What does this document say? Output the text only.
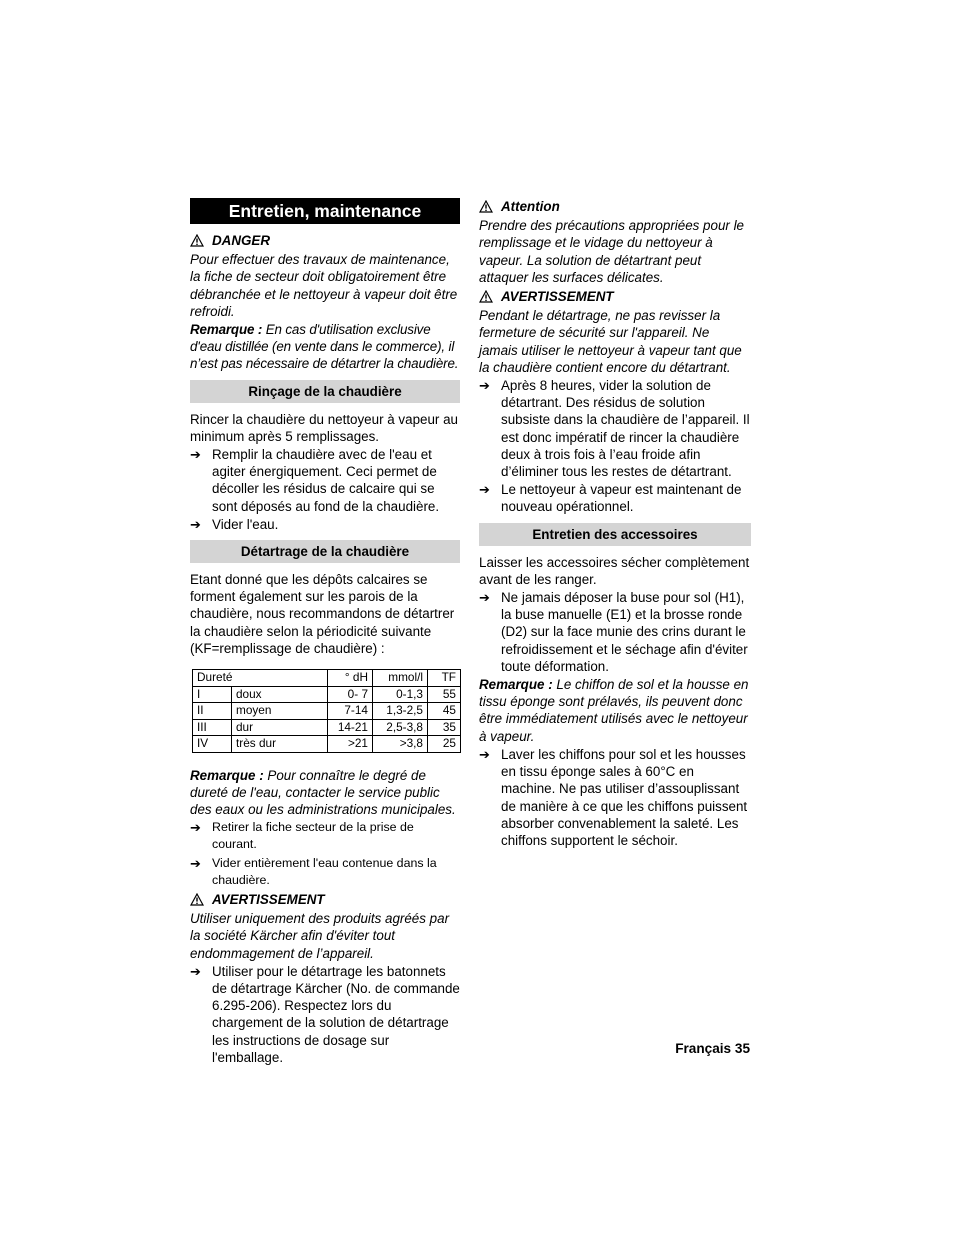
Entretien, maintenance
DANGER

Pour effectuer des travaux de maintenance, la fiche de secteur doit obligatoirement être débranchée et le nettoyeur à vapeur doit être refroidi.

Remarque : En cas d'utilisation exclusive d'eau distillée (en vente dans le commerce), il n’est pas nécessaire de détartrer la chaudière.

Rinçage de la chaudière

Rincer la chaudière du nettoyeur à vapeur au minimum après 5 remplissages.

➔ Remplir la chaudière avec de l'eau et agiter énergiquement. Ceci permet de décoller les résidus de calcaire qui se sont déposés au fond de la chaudière.
➔ Vider l'eau.
Détartrage de la chaudière

Etant donné que les dépôts calcaires se forment également sur les parois de la chaudière, nous recommandons de détartrer la chaudière selon la périodicité suivante (KF=remplissage de chaudière) :

Dureté		° dH	mmol/l	TF
I	doux	0- 7	0-1,3	55
II	moyen	7-14	1,3-2,5	45
III	dur	14-21	2,5-3,8	35
IV	très dur	>21	>3,8	25

Remarque : Pour connaître le degré de dureté de l'eau, contacter le service public des eaux ou les administrations municipales.

➔ Retirer la fiche secteur de la prise de courant.
➔ Vider entièrement l'eau contenue dans la chaudière.
AVERTISSEMENT

Utiliser uniquement des produits agréés par la société Kärcher afin d'éviter tout endommagement de l’appareil.

➔ Utiliser pour le détartrage les batonnets de détartrage Kärcher (No. de commande 6.295-206). Respectez lors du chargement de la solution de détartrage les instructions de dosage sur l'emballage.
Attention

Prendre des précautions appropriées pour le remplissage et le vidage du nettoyeur à vapeur. La solution de détartrant peut attaquer les surfaces délicates.

AVERTISSEMENT

Pendant le détartrage, ne pas revisser la fermeture de sécurité sur l'appareil. Ne jamais utiliser le nettoyeur à vapeur tant que la chaudière contient encore du détartrant.

➔ Après 8 heures, vider la solution de détartrant. Des résidus de solution subsiste dans la chaudière de l’appareil. Il est donc impératif de rincer la chaudière deux à trois fois à l’eau froide afin d’éliminer tous les restes de détartrant.
➔ Le nettoyeur à vapeur est maintenant de nouveau opérationnel.
Entretien des accessoires

Laisser les accessoires sécher complètement avant de les ranger.

➔ Ne jamais déposer la buse pour sol (H1), la buse manuelle (E1) et la brosse ronde (D2) sur la face munie des crins durant le refroidissement et le séchage afin d'éviter toute déformation.

Remarque : Le chiffon de sol et la housse en tissu éponge sont prélavés, ils peuvent donc être immédiatement utilisés avec le nettoyeur à vapeur.

➔ Laver les chiffons pour sol et les housses en tissu éponge sales à 60°C en machine. Ne pas utiliser d’assouplissant de manière à ce que les chiffons puissent absorber convenablement la saleté. Les chiffons supportent le séchoir.
Français 35
